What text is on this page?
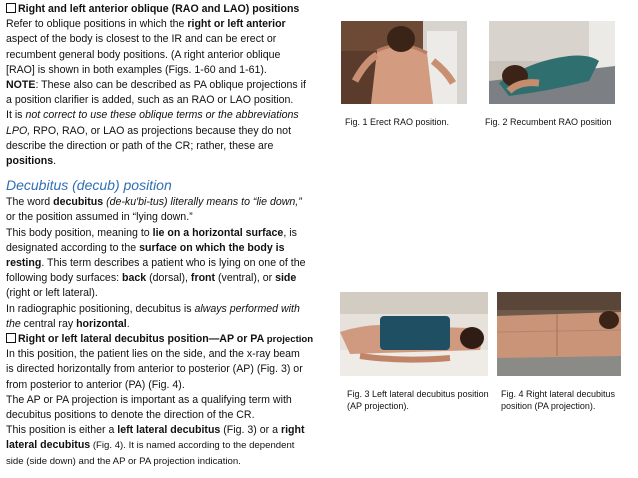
Right and left anterior oblique (RAO and LAO) positions

Refer to oblique positions in which the right or left anterior

aspect of the body is closest to the IR and can be erect or

recumbent general body positions. (A right anterior oblique

[RAO] is shown in both examples (Figs. 1-60 and 1-61).

NOTE: These also can be described as PA oblique projections if

a position clarifier is added, such as an RAO or LAO position.

It is not correct to use these oblique terms or the abbreviations

LPO, RPO, RAO, or LAO as projections because they do not

describe the direction or path of the CR; rather, these are

positions.

Decubitus (decub) position

The word decubitus (de-ku′bi-tus) literally means to “lie down,”

or the position assumed in “lying down.”

This body position, meaning to lie on a horizontal surface, is

designated according to the surface on which the body is

resting. This term describes a patient who is lying on one of the

following body surfaces: back (dorsal), front (ventral), or side

(right or left lateral).

In radiographic positioning, decubitus is always performed with

the central ray horizontal.

Right or left lateral decubitus position—AP or PA projection

In this position, the patient lies on the side, and the x-ray beam

is directed horizontally from anterior to posterior (AP) (Fig. 3) or

from posterior to anterior (PA) (Fig. 4).

The AP or PA projection is important as a qualifying term with

decubitus positions to denote the direction of the CR.

This position is either a left lateral decubitus (Fig. 3) or a right

lateral decubitus (Fig. 4). It is named according to the dependent

side (side down) and the AP or PA projection indication.

Fig. 1 Erect RAO position.	Fig. 2 Recumbent RAO position
Fig. 3 Left lateral decubitus position (AP projection).
Fig. 4 Right lateral decubitus position (PA projection).
